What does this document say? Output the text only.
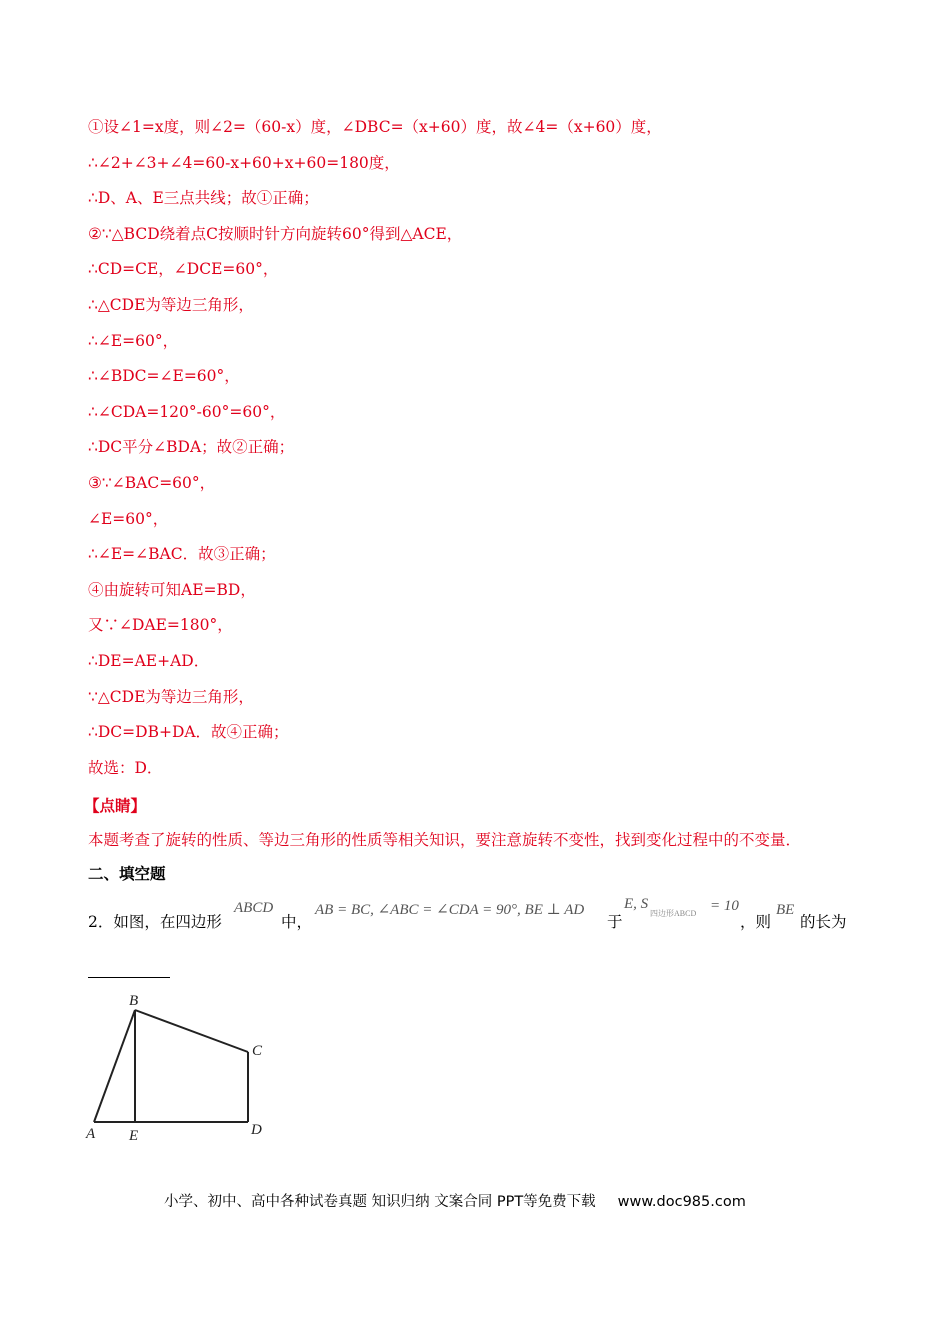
①设∠1=x度，则∠2=（60-x）度，∠DBC=（x+60）度，故∠4=（x+60）度，
∴∠2+∠3+∠4=60-x+60+x+60=180度，
∴D、A、E三点共线；故①正确；
②∵△BCD绕着点C按顺时针方向旋转60°得到△ACE，
∴CD=CE，∠DCE=60°，
∴△CDE为等边三角形，
∴∠E=60°，
∴∠BDC=∠E=60°，
∴∠CDA=120°-60°=60°，
∴DC平分∠BDA；故②正确；
③∵∠BAC=60°，
∠E=60°，
∴∠E=∠BAC．故③正确；
④由旋转可知AE=BD，
又∵∠DAE=180°，
∴DE=AE+AD．
∵△CDE为等边三角形，
∴DC=DB+DA．故④正确；
故选：D．
【点睛】
本题考查了旋转的性质、等边三角形的性质等相关知识，要注意旋转不变性，找到变化过程中的不变量．
二、填空题
2．如图，在四边形
ABCD
中，
AB = BC, ∠ABC = ∠CDA = 90°, BE ⊥ AD
于
E, S
四边形ABCD = 10
，则
BE
的长为
B
C
A E	D
小学、初中、高中各种试卷真题 知识归纳 文案合同 PPT等免费下载 www.doc985.com
